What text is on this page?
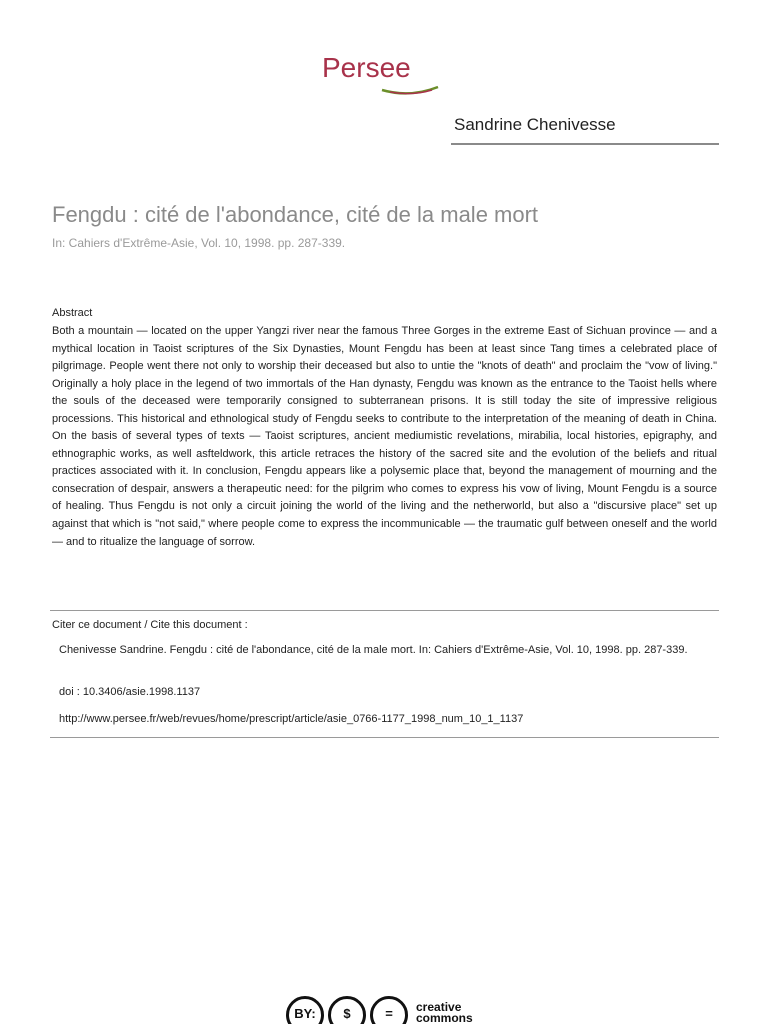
Persee
Sandrine Chenivesse
Fengdu : cité de l'abondance, cité de la male mort
In: Cahiers d'Extrême-Asie, Vol. 10, 1998. pp. 287-339.
Abstract

Both a mountain — located on the upper Yangzi river near the famous Three Gorges in the extreme East of Sichuan province — and a mythical location in Taoist scriptures of the Six Dynasties, Mount Fengdu has been at least since Tang times a celebrated place of pilgrimage. People went there not only to worship their deceased but also to untie the "knots of death" and proclaim the "vow of living." Originally a holy place in the legend of two immortals of the Han dynasty, Fengdu was known as the entrance to the Taoist hells where the souls of the deceased were temporarily consigned to subterranean prisons. It is still today the site of impressive religious processions. This historical and ethnological study of Fengdu seeks to contribute to the interpretation of the meaning of death in China. On the basis of several types of texts — Taoist scriptures, ancient mediumistic revelations, mirabilia, local histories, epigraphy, and ethnographic works, as well asfteldwork, this article retraces the history of the sacred site and the evolution of the beliefs and ritual practices associated with it. In conclusion, Fengdu appears like a polysemic place that, beyond the management of mourning and the consecration of despair, answers a therapeutic need: for the pilgrim who comes to express his vow of living, Mount Fengdu is a source of healing. Thus Fengdu is not only a circuit joining the world of the living and the netherworld, but also a "discursive place" set up against that which is "not said," where people come to express the incommunicable — the traumatic gulf between oneself and the world — and to ritualize the language of sorrow.

Citer ce document / Cite this document :

Chenivesse Sandrine. Fengdu : cité de l'abondance, cité de la male mort. In: Cahiers d'Extrême-Asie, Vol. 10, 1998. pp. 287-339.

doi : 10.3406/asie.1998.1137
http://www.persee.fr/web/revues/home/prescript/article/asie_0766-1177_1998_num_10_1_1137
BY:	$	=	creative
commons
